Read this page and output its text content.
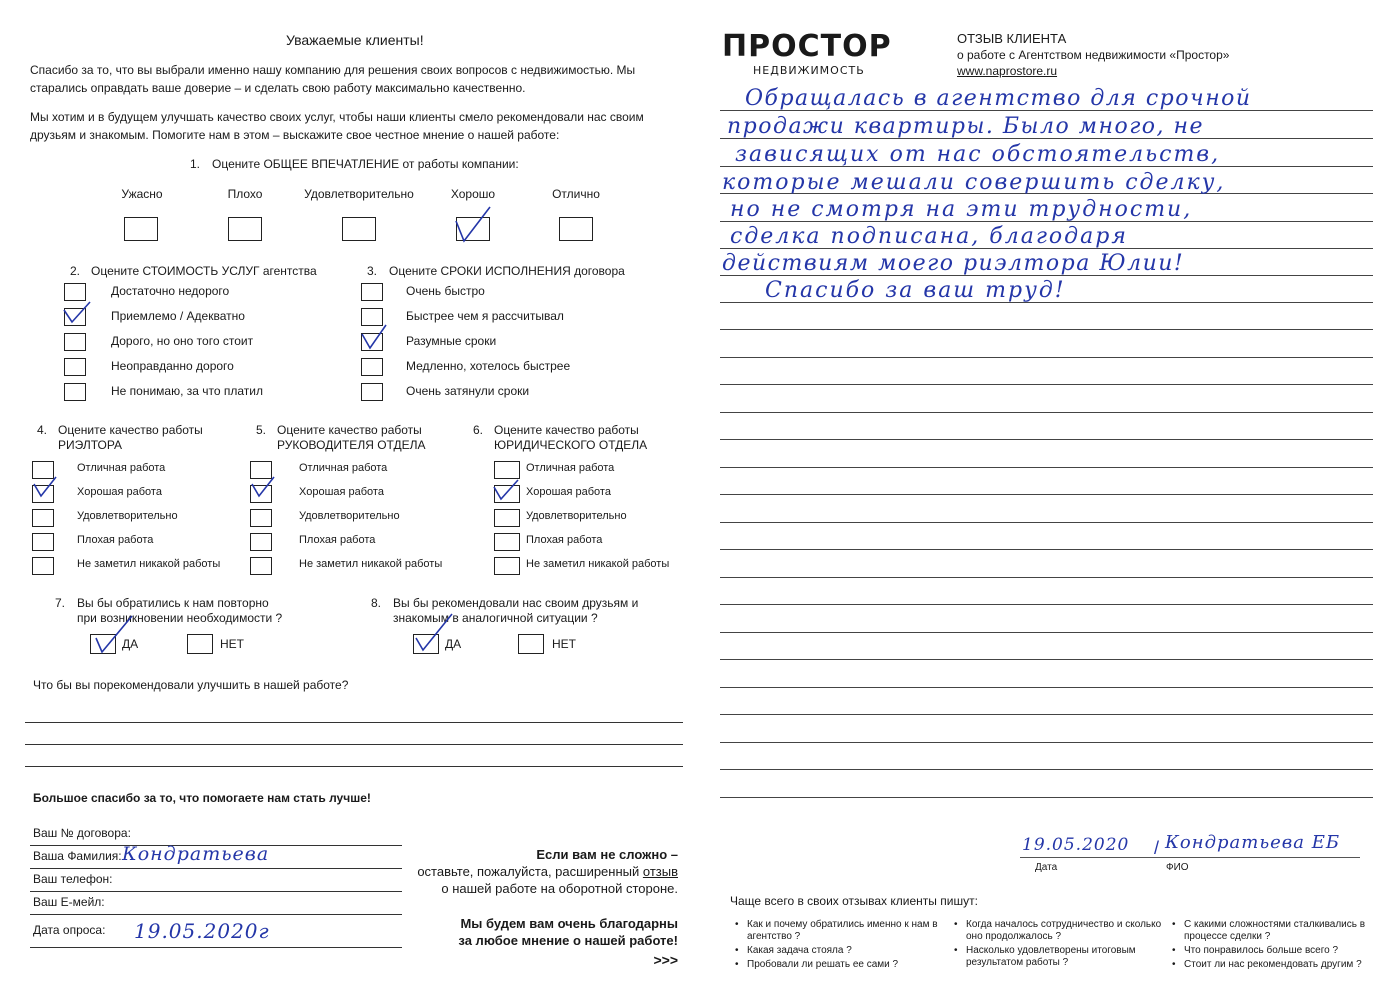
Уважаемые клиенты!
Спасибо за то, что вы выбрали именно нашу компанию для решения своих вопросов с недвижимостью. Мы старались оправдать ваше доверие – и сделать свою работу максимально качественно.
Мы хотим и в будущем улучшать качество своих услуг, чтобы наши клиенты смело рекомендовали нас своим друзьям и знакомым. Помогите нам в этом – выскажите свое честное мнение о нашей работе:
1. Оцените ОБЩЕЕ ВПЕЧАТЛЕНИЕ от работы компании:
Ужасно	Плохо	Удовлетворительно	Хорошо	Отлично
2. Оцените СТОИМОСТЬ УСЛУГ агентства
Достаточно недорого
Приемлемо / Адекватно
Дорого, но оно того стоит
Неоправданно дорого
Не понимаю, за что платил
3. Оцените СРОКИ ИСПОЛНЕНИЯ договора
Очень быстро
Быстрее чем я рассчитывал
Разумные сроки
Медленно, хотелось быстрее
Очень затянули сроки
4. Оцените качество работы
РИЭЛТОРА
Отличная работа
Хорошая работа
Удовлетворительно
Плохая работа
Не заметил никакой работы
5. Оцените качество работы
РУКОВОДИТЕЛЯ ОТДЕЛА
Отличная работа
Хорошая работа
Удовлетворительно
Плохая работа
Не заметил никакой работы
6. Оцените качество работы
ЮРИДИЧЕСКОГО ОТДЕЛА
Отличная работа
Хорошая работа
Удовлетворительно
Плохая работа
Не заметил никакой работы
7. Вы бы обратились к нам повторно
при возникновении необходимости ?
ДА	НЕТ
8. Вы бы рекомендовали нас своим друзьям и
знакомым в аналогичной ситуации ?
ДА	НЕТ
Что бы вы порекомендовали улучшить в нашей работе?
Большое спасибо за то, что помогаете нам стать лучше!
Ваш № договора:
Ваша Фамилия: Кондратьева
Ваш телефон:
Ваш Е-мейл:
Дата опроса: 19.05.2020г
Если вам не сложно –
оставьте, пожалуйста, расширенный отзыв
о нашей работе на оборотной стороне.
Мы будем вам очень благодарны
за любое мнение о нашей работе!
>>>
ПРОСТОР
НЕДВИЖИМОСТЬ
ОТЗЫВ КЛИЕНТА
о работе с Агентством недвижимости «Простор»
www.naprostore.ru
Обращалась в агентство для срочной
продажи квартиры. Было много, не
зависящих от нас обстоятельств,
которые мешали совершить сделку,
но не смотря на эти трудности,
сделка подписана, благодаря
действиям моего риэлтора Юлии!
Спасибо за ваш труд!
19.05.2020 / Кондратьева ЕБ
Дата	ФИО
Чаще всего в своих отзывах клиенты пишут:
• Как и почему обратились именно к нам в агентство ?
• Какая задача стояла ?
• Пробовали ли решать ее сами ?
• Когда началось сотрудничество и сколько оно продолжалось ?
• Насколько удовлетворены итоговым результатом работы ?
• С какими сложностями сталкивались в процессе сделки ?
• Что понравилось больше всего ?
• Стоит ли нас рекомендовать другим ?
